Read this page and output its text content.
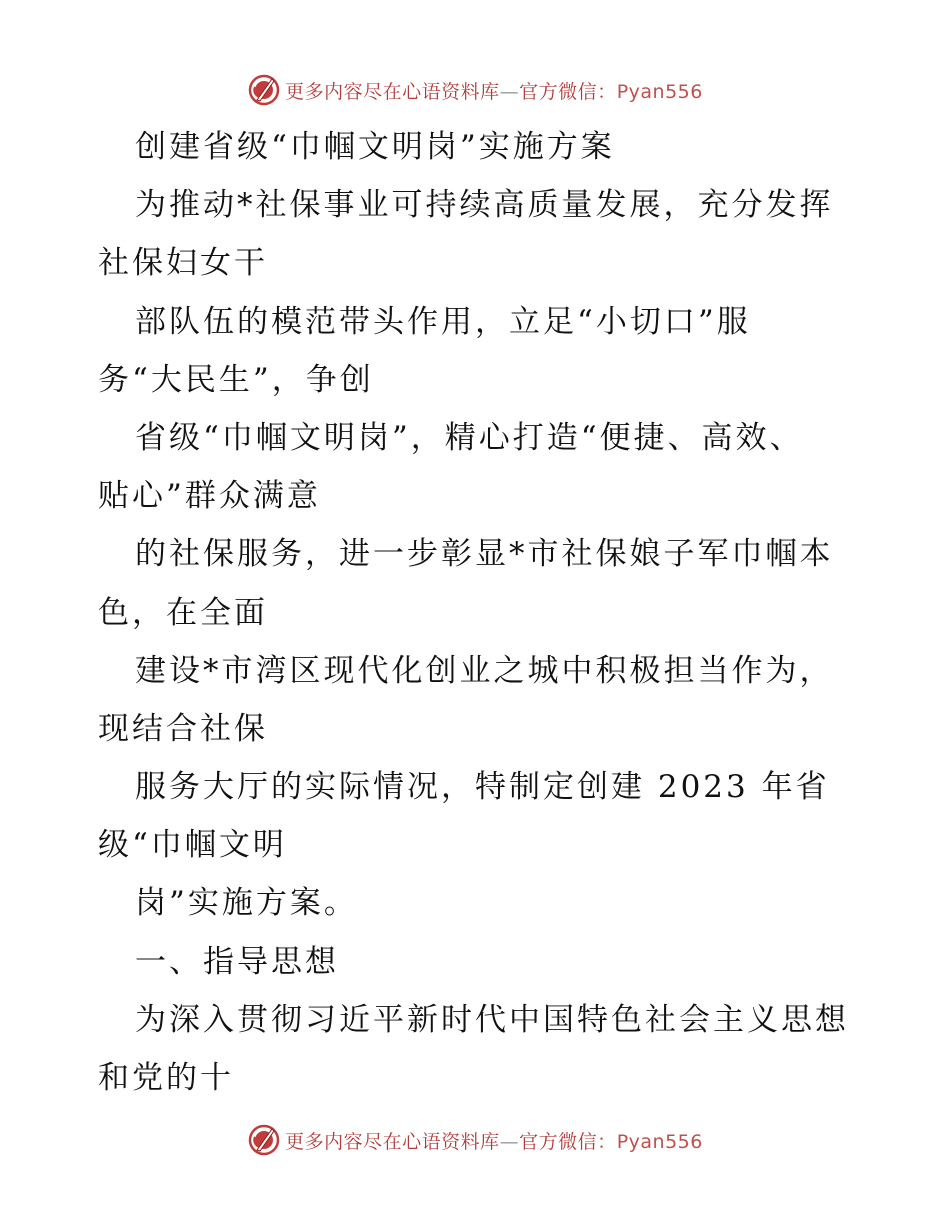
更多内容尽在心语资料库—官方微信：Pyan556
创建省级“巾帼文明岗”实施方案
为推动*社保事业可持续高质量发展，充分发挥
社保妇女干
部队伍的模范带头作用，立足“小切口”服
务“大民生”，争创
省级“巾帼文明岗”，精心打造“便捷、高效、
贴心”群众满意
的社保服务，进一步彰显*市社保娘子军巾帼本
色，在全面
建设*市湾区现代化创业之城中积极担当作为，
现结合社保
服务大厅的实际情况，特制定创建 2023 年省
级“巾帼文明
岗”实施方案。
一、指导思想
为深入贯彻习近平新时代中国特色社会主义思想
和党的十
更多内容尽在心语资料库—官方微信：Pyan556
